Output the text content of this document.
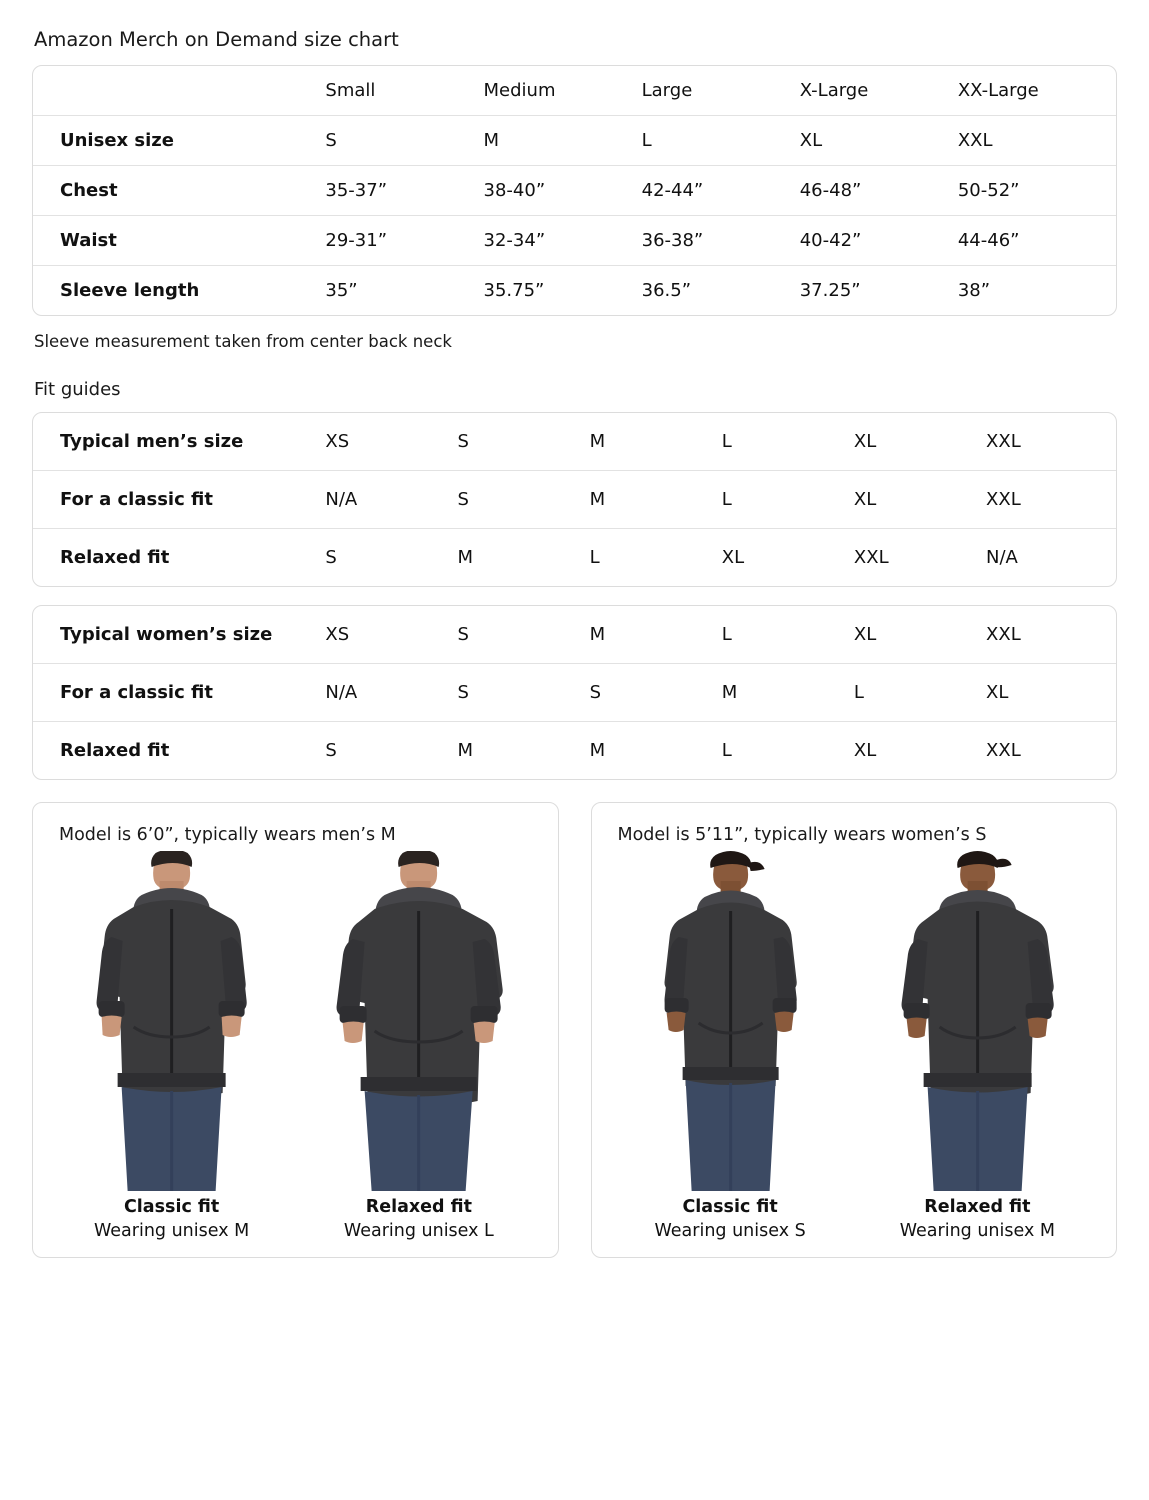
Amazon Merch on Demand size chart
	Small	Medium	Large	X-Large	XX-Large
Unisex size	S	M	L	XL	XXL
Chest	35-37”	38-40”	42-44”	46-48”	50-52”
Waist	29-31”	32-34”	36-38”	40-42”	44-46”
Sleeve length	35”	35.75”	36.5”	37.25”	38”
Sleeve measurement taken from center back neck
Fit guides
Typical men’s size	XS	S	M	L	XL	XXL
For a classic fit	N/A	S	M	L	XL	XXL
Relaxed fit	S	M	L	XL	XXL	N/A
Typical women’s size	XS	S	M	L	XL	XXL
For a classic fit	N/A	S	S	M	L	XL
Relaxed fit	S	M	M	L	XL	XXL
Model is 6’0”, typically wears men’s M
Classic fit
Wearing unisex M
Relaxed fit
Wearing unisex L
Model is 5’11”, typically wears women’s S
Classic fit
Wearing unisex S
Relaxed fit
Wearing unisex M
